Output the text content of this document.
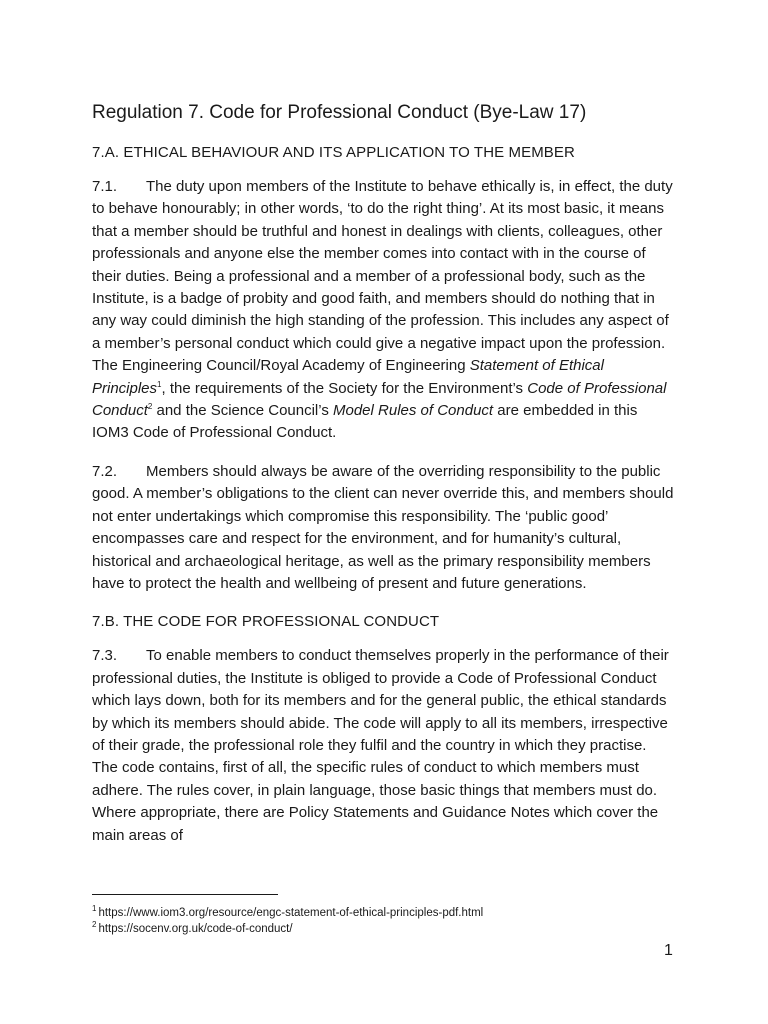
Regulation 7. Code for Professional Conduct (Bye-Law 17)
7.A. ETHICAL BEHAVIOUR AND ITS APPLICATION TO THE MEMBER

7.1. The duty upon members of the Institute to behave ethically is, in effect, the duty to behave honourably; in other words, ‘to do the right thing’. At its most basic, it means that a member should be truthful and honest in dealings with clients, colleagues, other professionals and anyone else the member comes into contact with in the course of their duties. Being a professional and a member of a professional body, such as the Institute, is a badge of probity and good faith, and members should do nothing that in any way could diminish the high standing of the profession. This includes any aspect of a member’s personal conduct which could give a negative impact upon the profession. The Engineering Council/Royal Academy of Engineering Statement of Ethical Principles$^1$, the requirements of the Society for the Environment’s Code of Professional Conduct$^2$ and the Science Council’s Model Rules of Conduct are embedded in this IOM3 Code of Professional Conduct.

7.2. Members should always be aware of the overriding responsibility to the public good. A member’s obligations to the client can never override this, and members should not enter undertakings which compromise this responsibility. The ‘public good’ encompasses care and respect for the environment, and for humanity’s cultural, historical and archaeological heritage, as well as the primary responsibility members have to protect the health and wellbeing of present and future generations.

7.B. THE CODE FOR PROFESSIONAL CONDUCT

7.3. To enable members to conduct themselves properly in the performance of their professional duties, the Institute is obliged to provide a Code of Professional Conduct which lays down, both for its members and for the general public, the ethical standards by which its members should abide. The code will apply to all its members, irrespective of their grade, the professional role they fulfil and the country in which they practise. The code contains, first of all, the specific rules of conduct to which members must adhere. The rules cover, in plain language, those basic things that members must do. Where appropriate, there are Policy Statements and Guidance Notes which cover the main areas of

$^1$ https://www.iom3.org/resource/engc-statement-of-ethical-principles-pdf.html
$^2$ https://socenv.org.uk/code-of-conduct/
1
